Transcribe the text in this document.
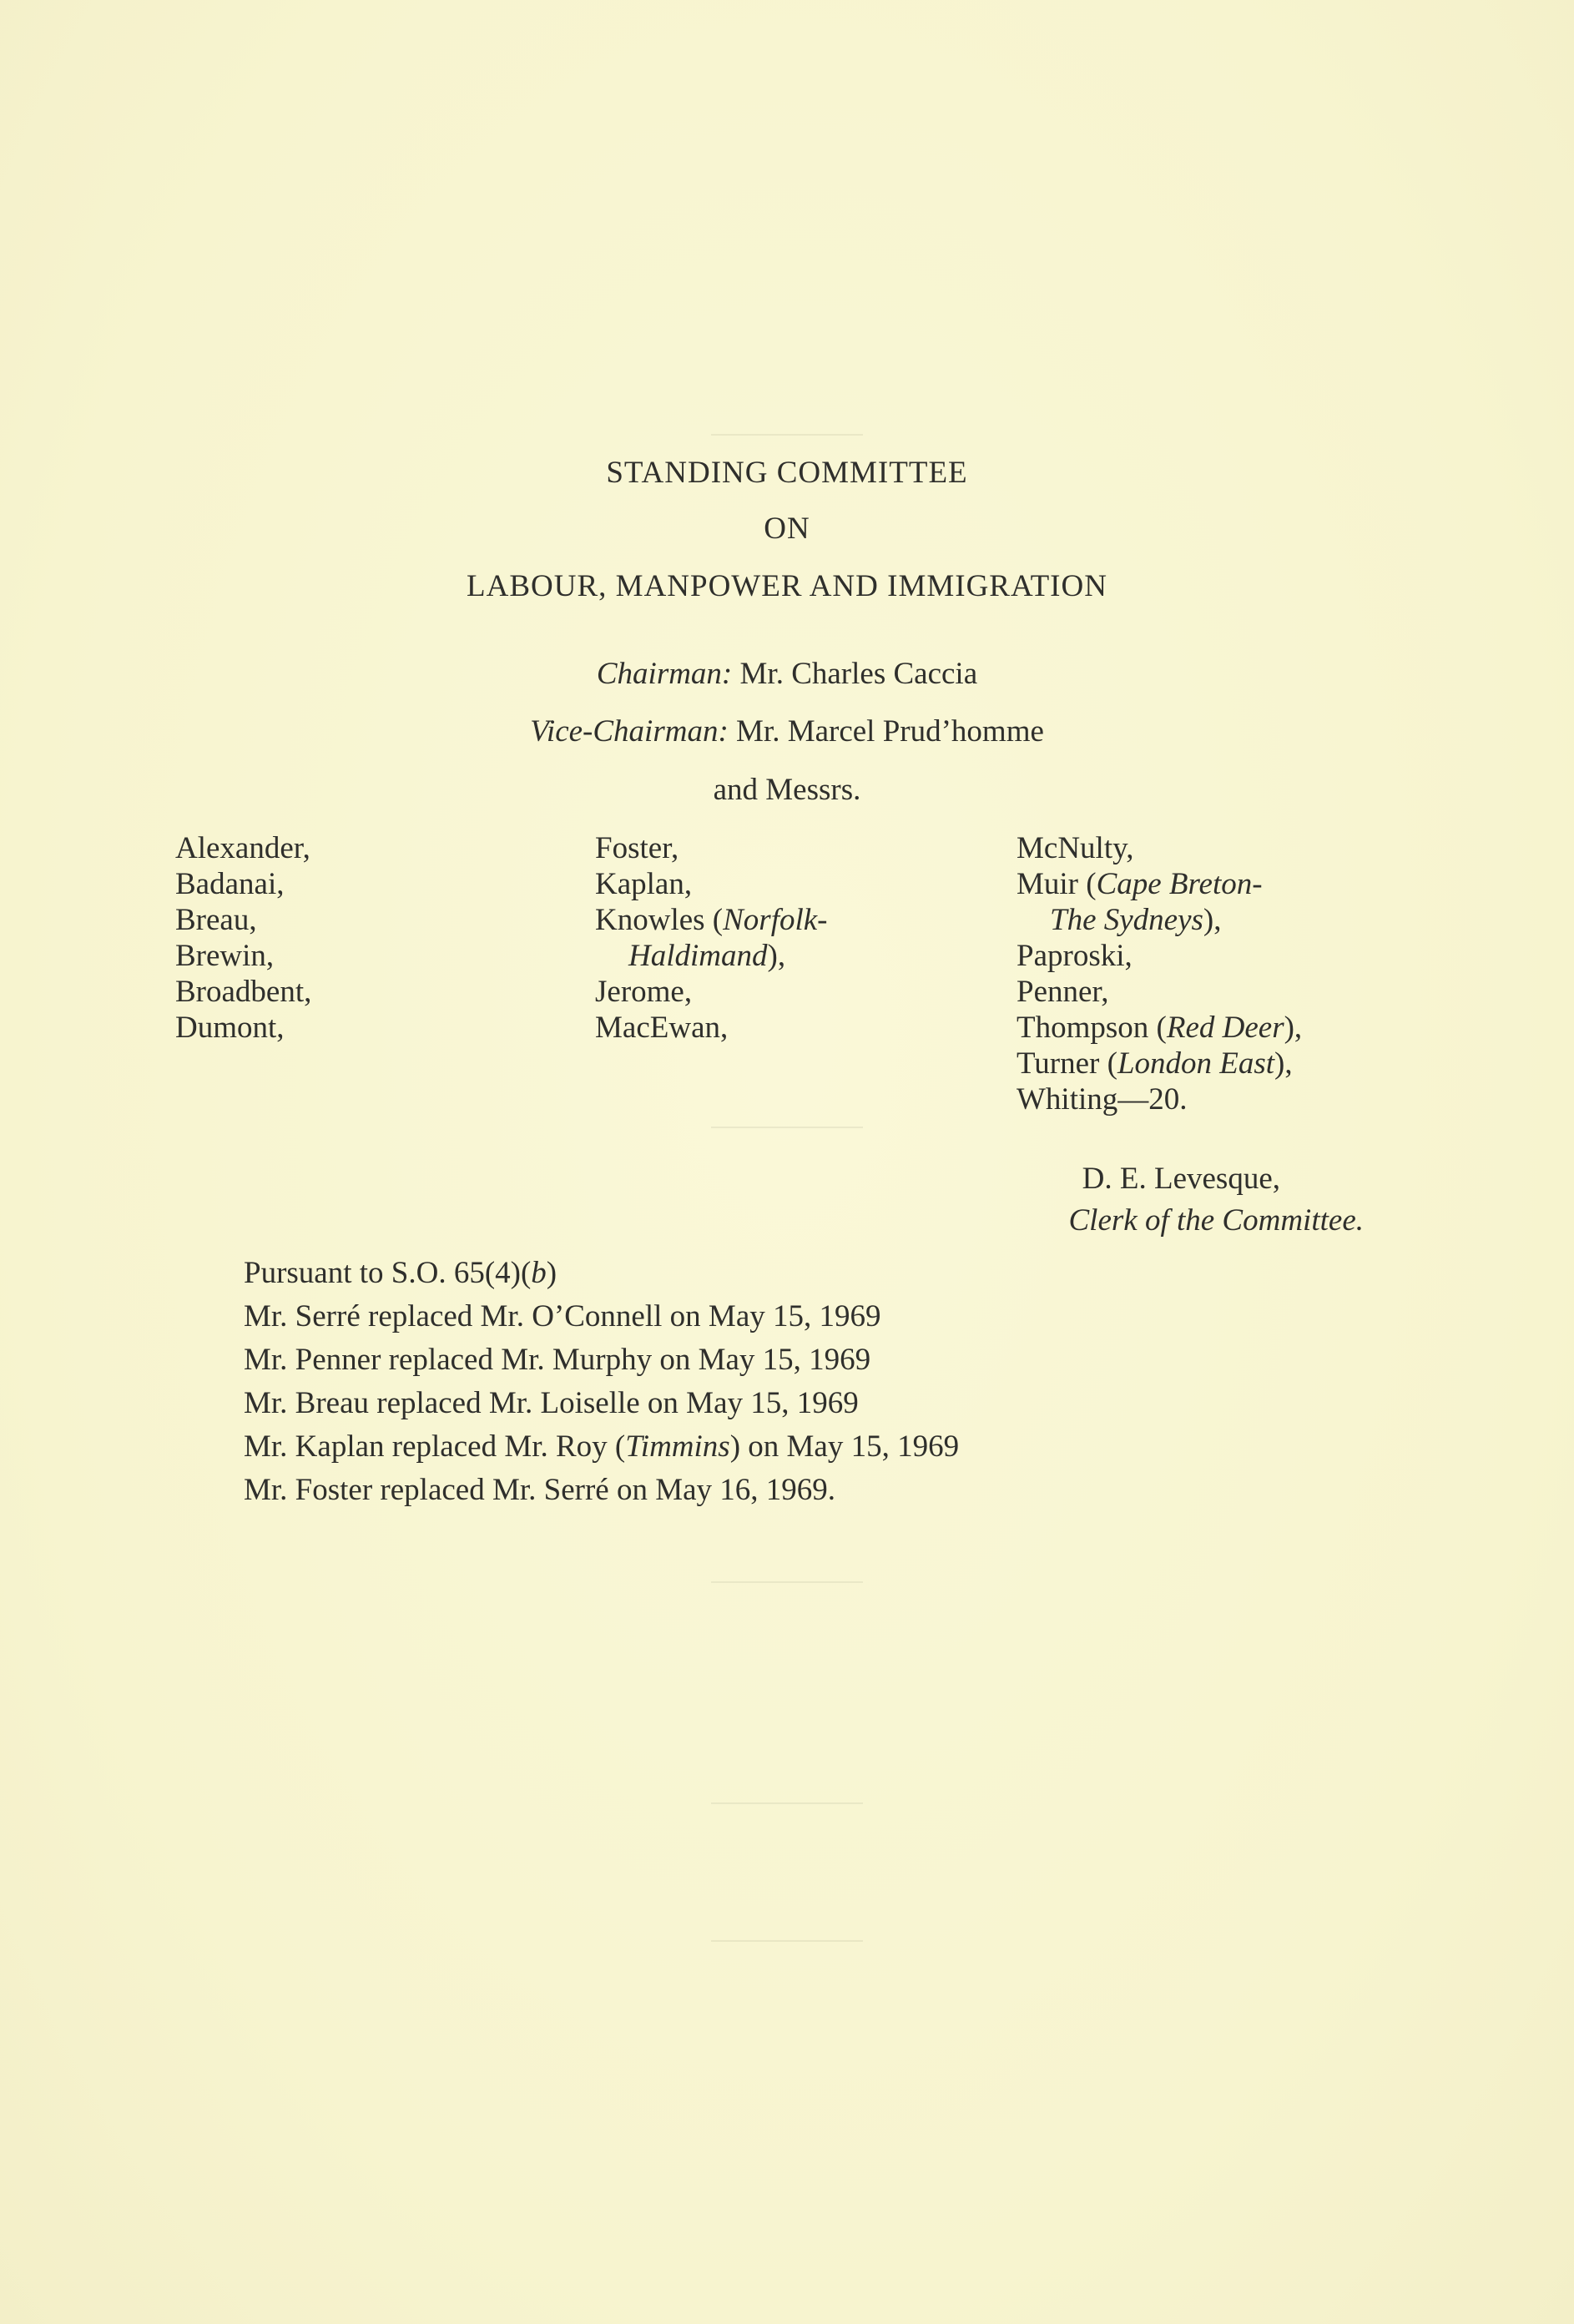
STANDING COMMITTEE
ON
LABOUR, MANPOWER AND IMMIGRATION
Chairman: Mr. Charles Caccia
Vice-Chairman: Mr. Marcel Prud’homme
and Messrs.
Alexander,
Badanai,
Breau,
Brewin,
Broadbent,
Dumont,
Foster,
Kaplan,
Knowles (Norfolk-
Haldimand),
Jerome,
MacEwan,
McNulty,
Muir (Cape Breton-
The Sydneys),
Paproski,
Penner,
Thompson (Red Deer),
Turner (London East),
Whiting—20.
D. E. Levesque,
Clerk of the Committee.
Pursuant to S.O. 65(4)(b)
Mr. Serré replaced Mr. O’Connell on May 15, 1969
Mr. Penner replaced Mr. Murphy on May 15, 1969
Mr. Breau replaced Mr. Loiselle on May 15, 1969
Mr. Kaplan replaced Mr. Roy (Timmins) on May 15, 1969
Mr. Foster replaced Mr. Serré on May 16, 1969.
